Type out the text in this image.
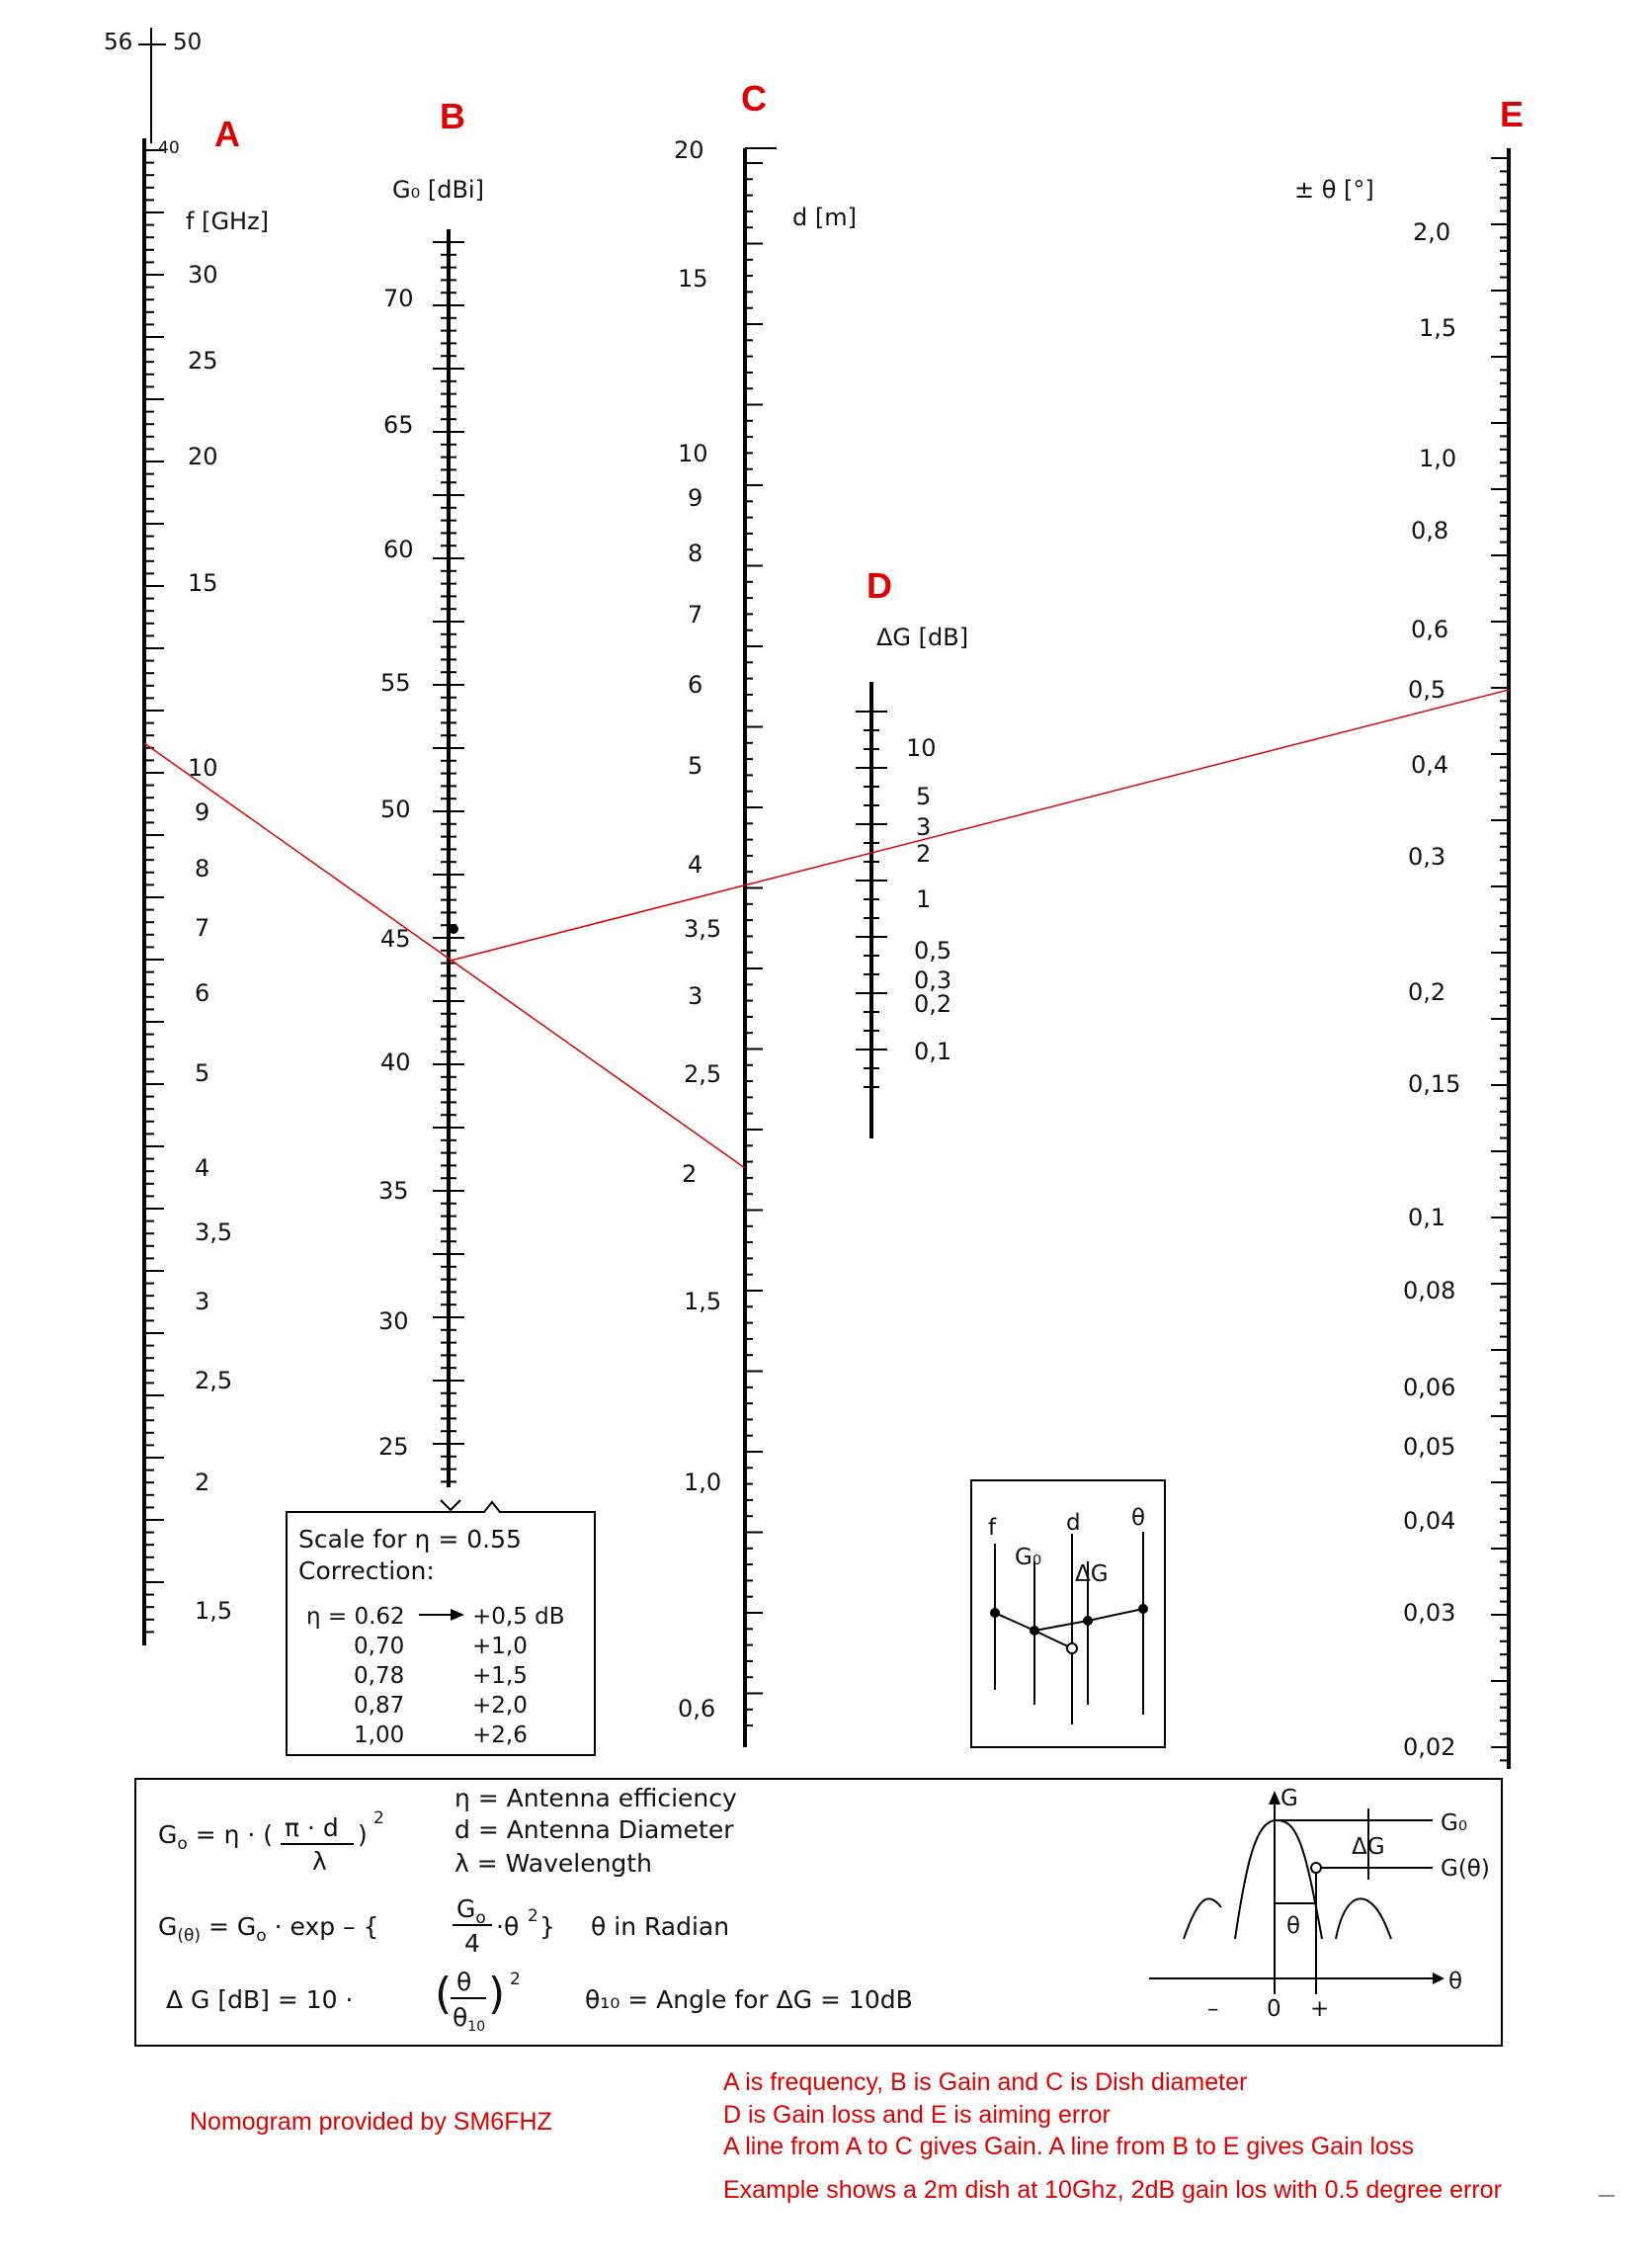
56 50
40 A
f [GHz]
30
25
20
15
10
9
8
7
6
5
4
3,5
3
2,5
2
1,5
B
G₀ [dBi]
70
65
60
55
50
45
40
35
30
25
C
d [m]
20
15
10
9
8
7
6
5
4
3,5
3
2,5
2
1,5
1,0
0,6
D
ΔG [dB]
10
5
3
2
1
0,5
0,3
0,2
0,1
E
± θ [°]
2,0
1,5
1,0
0,8
0,6
0,5
0,4
0,3
0,2
0,15
0,1
0,08
0,06
0,05
0,04
0,03
0,02
Scale for η = 0.55
Correction:
η = 0.62	+0,5 dB
0,70	+1,0
0,78	+1,5
0,87	+2,0
1,00	+2,6
f
G₀
d
ΔG
θ
$G_o = \eta$ · ( π · d
λ
)
2
η = Antenna efficiency
d = Antenna Diameter
λ = Wavelength
$G_{(\theta)} = G_o \cdot \exp$ – {
$G_o$
4
·θ 2 } θ in Radian
Δ G [dB] = 10 · ( θ
$\theta_{10}$
) 2
θ₁₀ = Angle for ΔG = 10dB
G
G₀
G(θ)
ΔG
θ
– 0 +
θ
Nomogram provided by SM6FHZ
A is frequency, B is Gain and C is Dish diameter
D is Gain loss and E is aiming error
A line from A to C gives Gain. A line from B to E gives Gain loss
Example shows a 2m dish at 10Ghz, 2dB gain los with 0.5 degree error
